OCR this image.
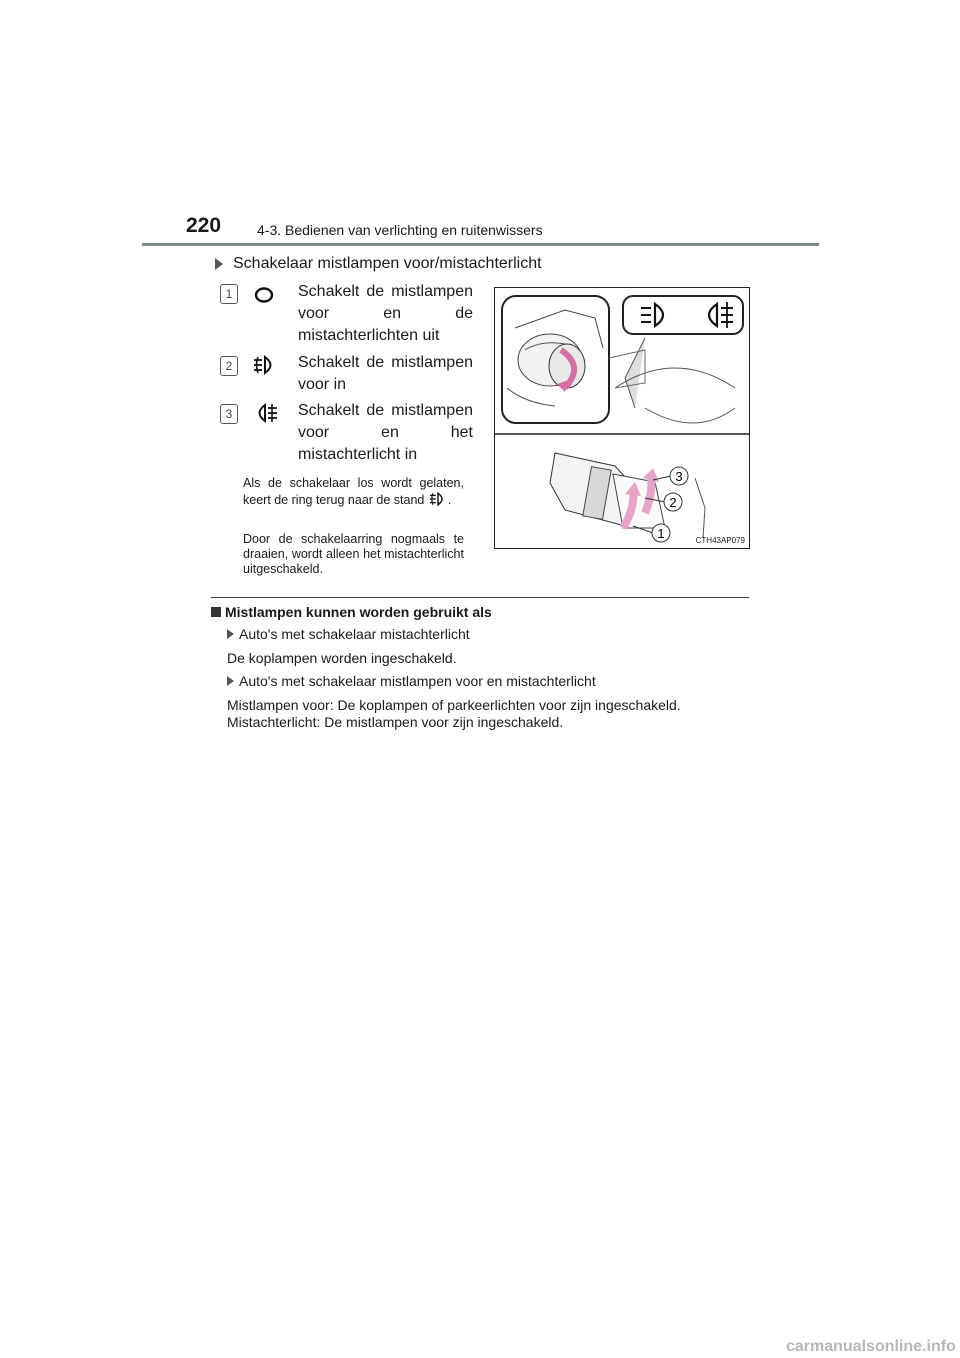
220	4-3. Bedienen van verlichting en ruitenwissers
Schakelaar mistlampen voor/mistachterlicht
1	Schakelt de mistlampen voor en de mistachterlichten uit
2	Schakelt de mistlampen voor in
3	Schakelt de mistlampen voor en het mistachterlicht in
Als de schakelaar los wordt gelaten, keert de ring terug naar de stand .
Door de schakelaarring nogmaals te draaien, wordt alleen het mistachterlicht uitgeschakeld.
3
2
1	CTH43AP079
Mistlampen kunnen worden gebruikt als
Auto's met schakelaar mistachterlicht
De koplampen worden ingeschakeld.
Auto's met schakelaar mistlampen voor en mistachterlicht
Mistlampen voor: De koplampen of parkeerlichten voor zijn ingeschakeld.
Mistachterlicht: De mistlampen voor zijn ingeschakeld.
carmanualsonline.info
